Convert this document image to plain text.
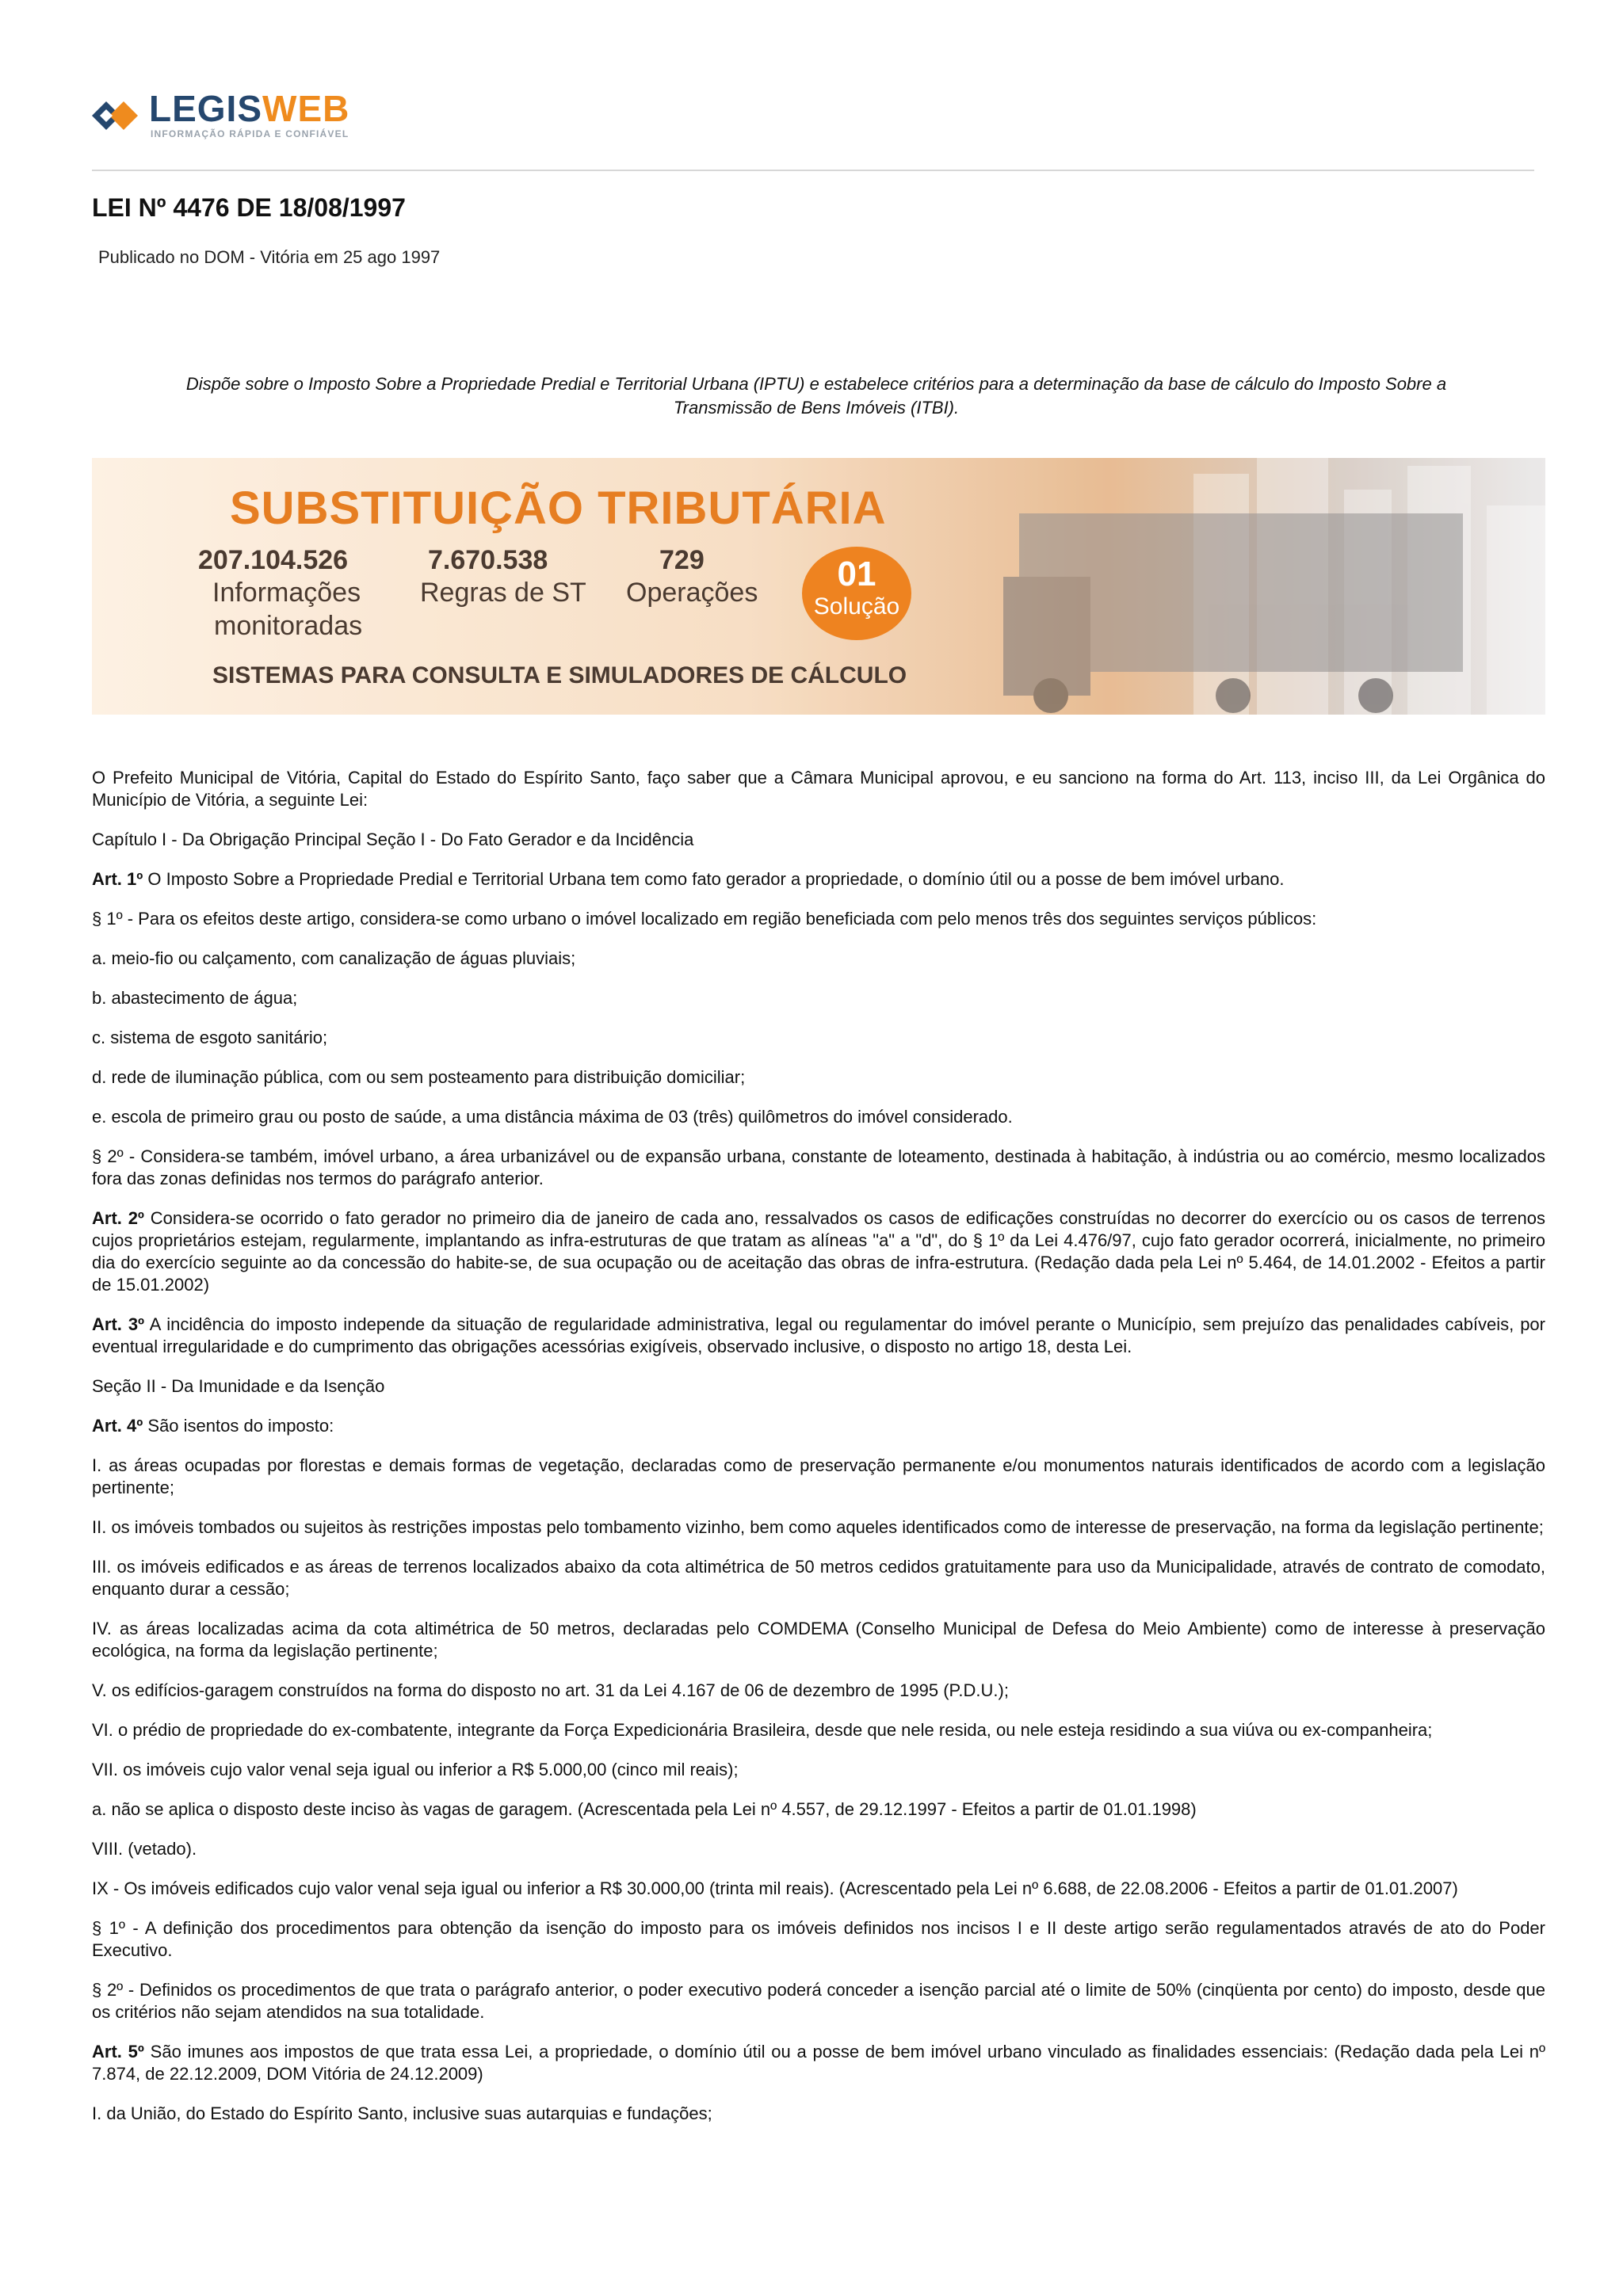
LEGISWEB
INFORMAÇÃO RÁPIDA E CONFIÁVEL
LEI Nº 4476 DE 18/08/1997
Publicado no DOM - Vitória em 25 ago 1997
Dispõe sobre o Imposto Sobre a Propriedade Predial e Territorial Urbana (IPTU) e estabelece critérios para a determinação da base de cálculo do Imposto Sobre a Transmissão de Bens Imóveis (ITBI).
SUBSTITUIÇÃO TRIBUTÁRIA
207.104.526
Informações
monitoradas
7.670.538
Regras de ST
729
Operações	01
Solução
SISTEMAS PARA CONSULTA E SIMULADORES DE CÁLCULO

O Prefeito Municipal de Vitória, Capital do Estado do Espírito Santo, faço saber que a Câmara Municipal aprovou, e eu sanciono na forma do Art. 113, inciso III, da Lei Orgânica do Município de Vitória, a seguinte Lei:

Capítulo I - Da Obrigação Principal Seção I - Do Fato Gerador e da Incidência

Art. 1º O Imposto Sobre a Propriedade Predial e Territorial Urbana tem como fato gerador a propriedade, o domínio útil ou a posse de bem imóvel urbano.

§ 1º - Para os efeitos deste artigo, considera-se como urbano o imóvel localizado em região beneficiada com pelo menos três dos seguintes serviços públicos:

a. meio-fio ou calçamento, com canalização de águas pluviais;

b. abastecimento de água;

c. sistema de esgoto sanitário;

d. rede de iluminação pública, com ou sem posteamento para distribuição domiciliar;

e. escola de primeiro grau ou posto de saúde, a uma distância máxima de 03 (três) quilômetros do imóvel considerado.

§ 2º - Considera-se também, imóvel urbano, a área urbanizável ou de expansão urbana, constante de loteamento, destinada à habitação, à indústria ou ao comércio, mesmo localizados fora das zonas definidas nos termos do parágrafo anterior.

Art. 2º Considera-se ocorrido o fato gerador no primeiro dia de janeiro de cada ano, ressalvados os casos de edificações construídas no decorrer do exercício ou os casos de terrenos cujos proprietários estejam, regularmente, implantando as infra-estruturas de que tratam as alíneas "a" a "d", do § 1º da Lei 4.476/97, cujo fato gerador ocorrerá, inicialmente, no primeiro dia do exercício seguinte ao da concessão do habite-se, de sua ocupação ou de aceitação das obras de infra-estrutura. (Redação dada pela Lei nº 5.464, de 14.01.2002 - Efeitos a partir de 15.01.2002)

Art. 3º A incidência do imposto independe da situação de regularidade administrativa, legal ou regulamentar do imóvel perante o Município, sem prejuízo das penalidades cabíveis, por eventual irregularidade e do cumprimento das obrigações acessórias exigíveis, observado inclusive, o disposto no artigo 18, desta Lei.

Seção II - Da Imunidade e da Isenção

Art. 4º São isentos do imposto:

I. as áreas ocupadas por florestas e demais formas de vegetação, declaradas como de preservação permanente e/ou monumentos naturais identificados de acordo com a legislação pertinente;

II. os imóveis tombados ou sujeitos às restrições impostas pelo tombamento vizinho, bem como aqueles identificados como de interesse de preservação, na forma da legislação pertinente;

III. os imóveis edificados e as áreas de terrenos localizados abaixo da cota altimétrica de 50 metros cedidos gratuitamente para uso da Municipalidade, através de contrato de comodato, enquanto durar a cessão;

IV. as áreas localizadas acima da cota altimétrica de 50 metros, declaradas pelo COMDEMA (Conselho Municipal de Defesa do Meio Ambiente) como de interesse à preservação ecológica, na forma da legislação pertinente;

V. os edifícios-garagem construídos na forma do disposto no art. 31 da Lei 4.167 de 06 de dezembro de 1995 (P.D.U.);

VI. o prédio de propriedade do ex-combatente, integrante da Força Expedicionária Brasileira, desde que nele resida, ou nele esteja residindo a sua viúva ou ex-companheira;

VII. os imóveis cujo valor venal seja igual ou inferior a R$ 5.000,00 (cinco mil reais);

a. não se aplica o disposto deste inciso às vagas de garagem. (Acrescentada pela Lei nº 4.557, de 29.12.1997 - Efeitos a partir de 01.01.1998)

VIII. (vetado).

IX - Os imóveis edificados cujo valor venal seja igual ou inferior a R$ 30.000,00 (trinta mil reais). (Acrescentado pela Lei nº 6.688, de 22.08.2006 - Efeitos a partir de 01.01.2007)

§ 1º - A definição dos procedimentos para obtenção da isenção do imposto para os imóveis definidos nos incisos I e II deste artigo serão regulamentados através de ato do Poder Executivo.

§ 2º - Definidos os procedimentos de que trata o parágrafo anterior, o poder executivo poderá conceder a isenção parcial até o limite de 50% (cinqüenta por cento) do imposto, desde que os critérios não sejam atendidos na sua totalidade.

Art. 5º São imunes aos impostos de que trata essa Lei, a propriedade, o domínio útil ou a posse de bem imóvel urbano vinculado as finalidades essenciais: (Redação dada pela Lei nº 7.874, de 22.12.2009, DOM Vitória de 24.12.2009)

I. da União, do Estado do Espírito Santo, inclusive suas autarquias e fundações;
